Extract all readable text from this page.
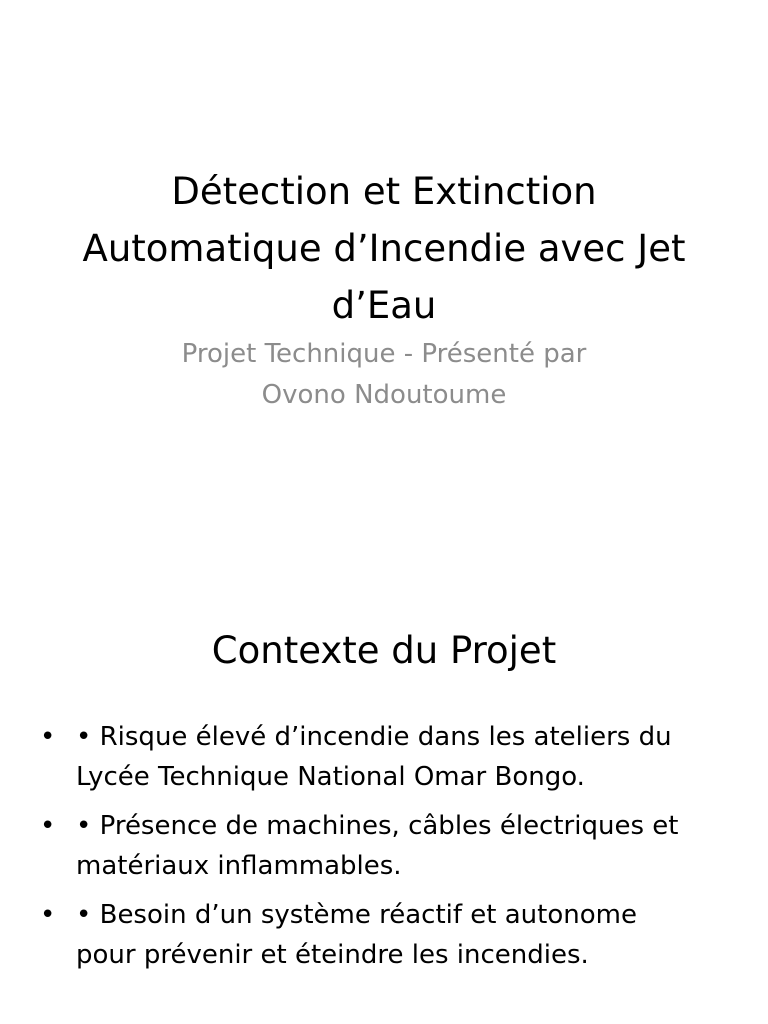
Détection et Extinction
Automatique d’Incendie avec Jet
d’Eau

Projet Technique - Présenté par
Ovono Ndoutoume

Contexte du Projet
• • Risque élevé d’incendie dans les ateliers du
Lycée Technique National Omar Bongo.
• • Présence de machines, câbles électriques et
matériaux inflammables.
• • Besoin d’un système réactif et autonome
pour prévenir et éteindre les incendies.
